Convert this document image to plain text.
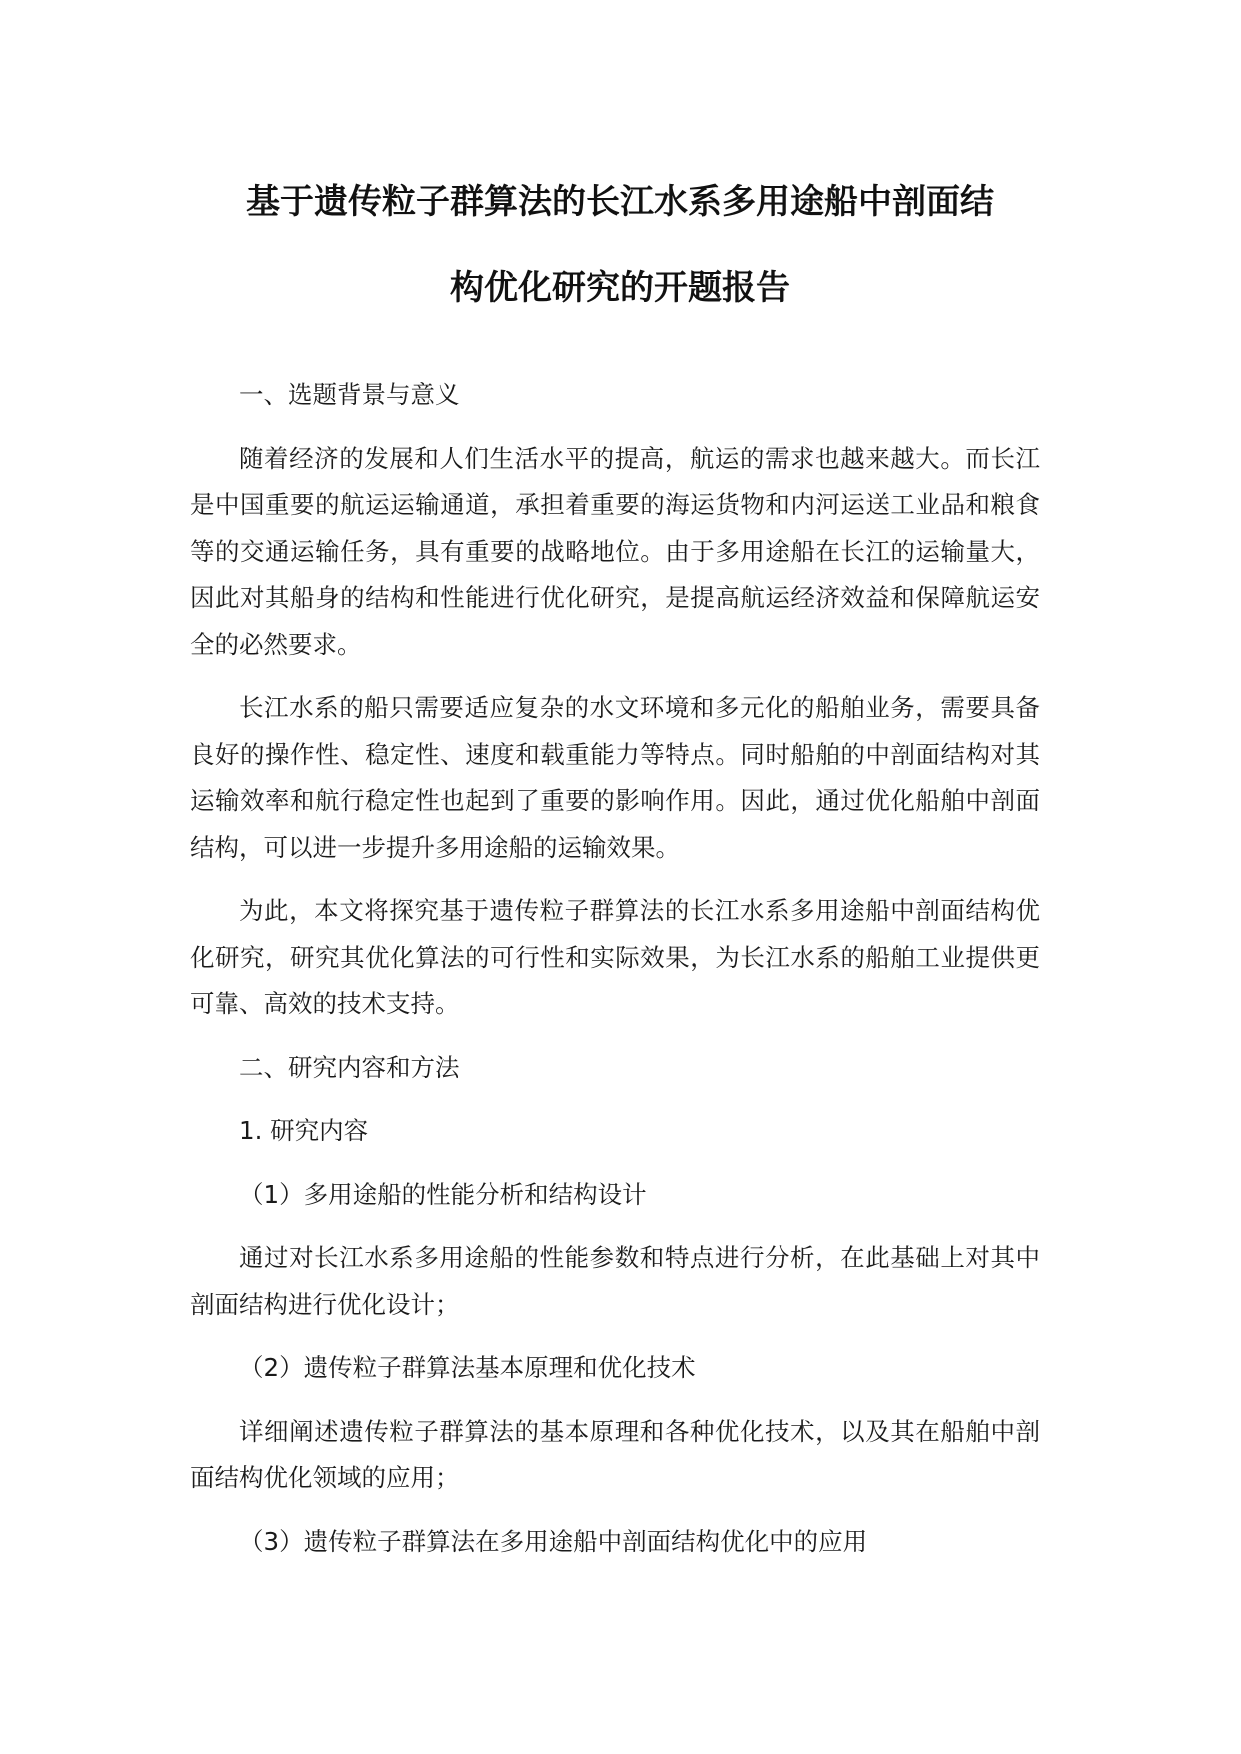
基于遗传粒子群算法的长江水系多用途船中剖面结
构优化研究的开题报告

一、选题背景与意义

随着经济的发展和人们生活水平的提高，航运的需求也越来越大。而长江是中国重要的航运运输通道，承担着重要的海运货物和内河运送工业品和粮食等的交通运输任务，具有重要的战略地位。由于多用途船在长江的运输量大，因此对其船身的结构和性能进行优化研究，是提高航运经济效益和保障航运安全的必然要求。

长江水系的船只需要适应复杂的水文环境和多元化的船舶业务，需要具备良好的操作性、稳定性、速度和载重能力等特点。同时船舶的中剖面结构对其运输效率和航行稳定性也起到了重要的影响作用。因此，通过优化船舶中剖面结构，可以进一步提升多用途船的运输效果。

为此，本文将探究基于遗传粒子群算法的长江水系多用途船中剖面结构优化研究，研究其优化算法的可行性和实际效果，为长江水系的船舶工业提供更可靠、高效的技术支持。

二、研究内容和方法

1. 研究内容

（1）多用途船的性能分析和结构设计

通过对长江水系多用途船的性能参数和特点进行分析，在此基础上对其中剖面结构进行优化设计；

（2）遗传粒子群算法基本原理和优化技术

详细阐述遗传粒子群算法的基本原理和各种优化技术，以及其在船舶中剖面结构优化领域的应用；

（3）遗传粒子群算法在多用途船中剖面结构优化中的应用
